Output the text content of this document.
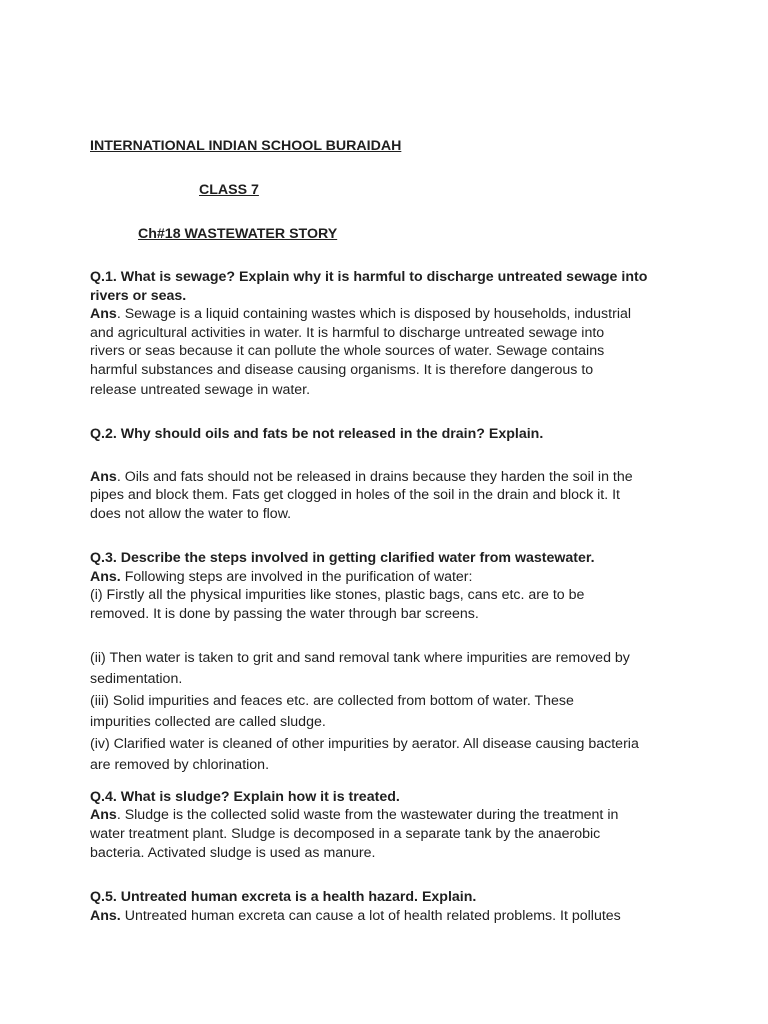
INTERNATIONAL INDIAN SCHOOL BURAIDAH
CLASS 7
Ch#18 WASTEWATER STORY
Q.1. What is sewage? Explain why it is harmful to discharge untreated sewage into
rivers or seas.
Ans. Sewage is a liquid containing wastes which is disposed by households, industrial
and agricultural activities in water. It is harmful to discharge untreated sewage into
rivers or seas because it can pollute the whole sources of water. Sewage contains
harmful substances and disease causing organisms. It is therefore dangerous to
release untreated sewage in water.
Q.2. Why should oils and fats be not released in the drain? Explain.
Ans. Oils and fats should not be released in drains because they harden the soil in the
pipes and block them. Fats get clogged in holes of the soil in the drain and block it. It
does not allow the water to flow.
Q.3. Describe the steps involved in getting clarified water from wastewater.
Ans. Following steps are involved in the purification of water:
(i) Firstly all the physical impurities like stones, plastic bags, cans etc. are to be
removed. It is done by passing the water through bar screens.
(ii) Then water is taken to grit and sand removal tank where impurities are removed by
sedimentation.
(iii) Solid impurities and feaces etc. are collected from bottom of water. These
impurities collected are called sludge.
(iv) Clarified water is cleaned of other impurities by aerator. All disease causing bacteria
are removed by chlorination.
Q.4. What is sludge? Explain how it is treated.
Ans. Sludge is the collected solid waste from the wastewater during the treatment in
water treatment plant. Sludge is decomposed in a separate tank by the anaerobic
bacteria. Activated sludge is used as manure.
Q.5. Untreated human excreta is a health hazard. Explain.
Ans. Untreated human excreta can cause a lot of health related problems. It pollutes
